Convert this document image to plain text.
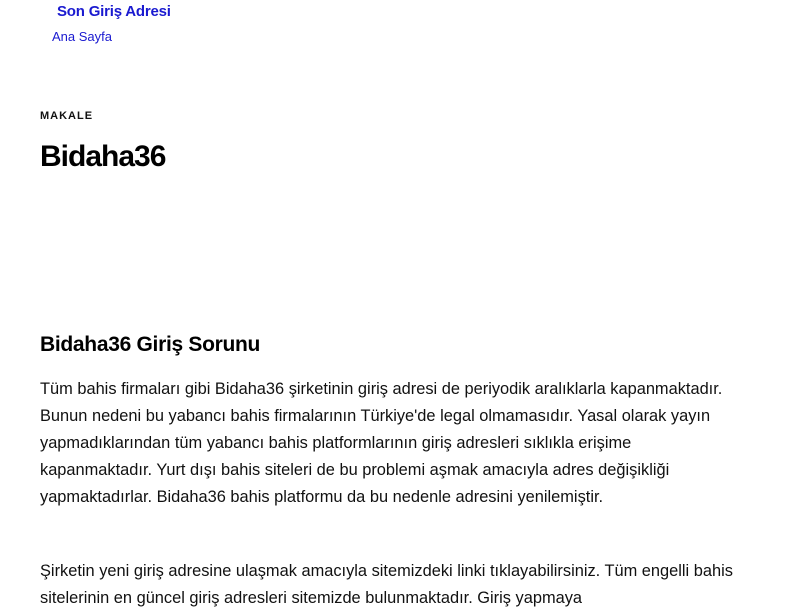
Son Giriş Adresi
Ana Sayfa
MAKALE
Bidaha36
Bidaha36 Giriş Sorunu

Tüm bahis firmaları gibi Bidaha36 şirketinin giriş adresi de periyodik aralıklarla kapanmaktadır. Bunun nedeni bu yabancı bahis firmalarının Türkiye'de legal olmamasıdır. Yasal olarak yayın yapmadıklarından tüm yabancı bahis platformlarının giriş adresleri sıklıkla erişime kapanmaktadır. Yurt dışı bahis siteleri de bu problemi aşmak amacıyla adres değişikliği yapmaktadırlar. Bidaha36 bahis platformu da bu nedenle adresini yenilemiştir.

Şirketin yeni giriş adresine ulaşmak amacıyla sitemizdeki linki tıklayabilirsiniz. Tüm engelli bahis sitelerinin en güncel giriş adresleri sitemizde bulunmaktadır. Giriş yapmaya
